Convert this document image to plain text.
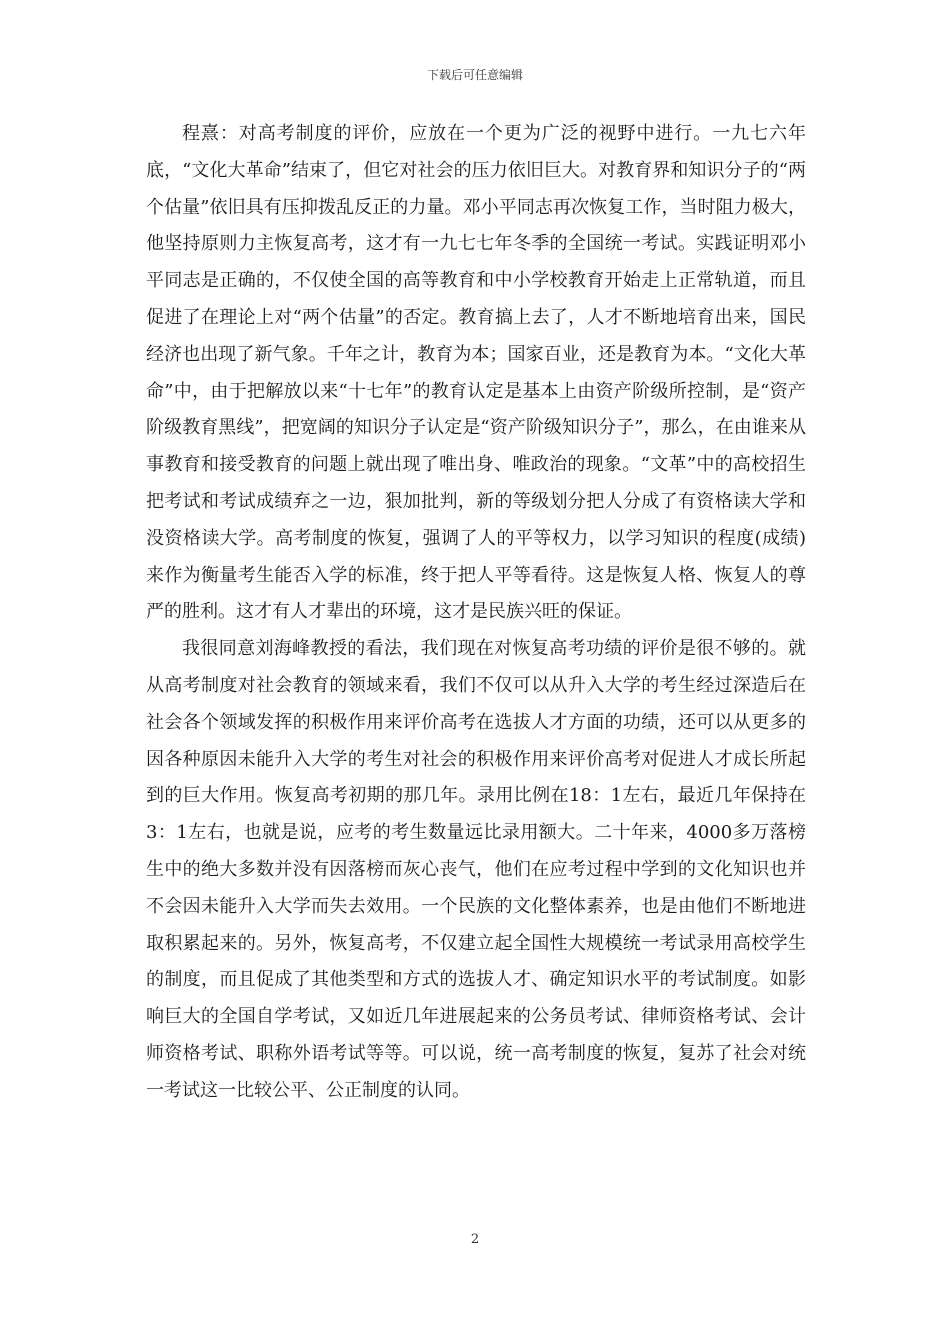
下载后可任意编辑

程熹：对高考制度的评价，应放在一个更为广泛的视野中进行。一九七六年底，“文化大革命”结束了，但它对社会的压力依旧巨大。对教育界和知识分子的“两个估量”依旧具有压抑拨乱反正的力量。邓小平同志再次恢复工作，当时阻力极大，他坚持原则力主恢复高考，这才有一九七七年冬季的全国统一考试。实践证明邓小平同志是正确的，不仅使全国的高等教育和中小学校教育开始走上正常轨道，而且促进了在理论上对“两个估量”的否定。教育搞上去了，人才不断地培育出来，国民经济也出现了新气象。千年之计，教育为本；国家百业，还是教育为本。“文化大革命”中，由于把解放以来“十七年”的教育认定是基本上由资产阶级所控制，是“资产阶级教育黑线”，把宽阔的知识分子认定是“资产阶级知识分子”，那么，在由谁来从事教育和接受教育的问题上就出现了唯出身、唯政治的现象。“文革”中的高校招生把考试和考试成绩弃之一边，狠加批判，新的等级划分把人分成了有资格读大学和没资格读大学。高考制度的恢复，强调了人的平等权力，以学习知识的程度(成绩)来作为衡量考生能否入学的标准，终于把人平等看待。这是恢复人格、恢复人的尊严的胜利。这才有人才辈出的环境，这才是民族兴旺的保证。

我很同意刘海峰教授的看法，我们现在对恢复高考功绩的评价是很不够的。就从高考制度对社会教育的领域来看，我们不仅可以从升入大学的考生经过深造后在社会各个领域发挥的积极作用来评价高考在选拔人才方面的功绩，还可以从更多的因各种原因未能升入大学的考生对社会的积极作用来评价高考对促进人才成长所起到的巨大作用。恢复高考初期的那几年。录用比例在18：1左右，最近几年保持在3：1左右，也就是说，应考的考生数量远比录用额大。二十年来，4000多万落榜生中的绝大多数并没有因落榜而灰心丧气，他们在应考过程中学到的文化知识也并不会因未能升入大学而失去效用。一个民族的文化整体素养，也是由他们不断地进取积累起来的。另外，恢复高考，不仅建立起全国性大规模统一考试录用高校学生的制度，而且促成了其他类型和方式的选拔人才、确定知识水平的考试制度。如影响巨大的全国自学考试，又如近几年进展起来的公务员考试、律师资格考试、会计师资格考试、职称外语考试等等。可以说，统一高考制度的恢复，复苏了社会对统一考试这一比较公平、公正制度的认同。

2
